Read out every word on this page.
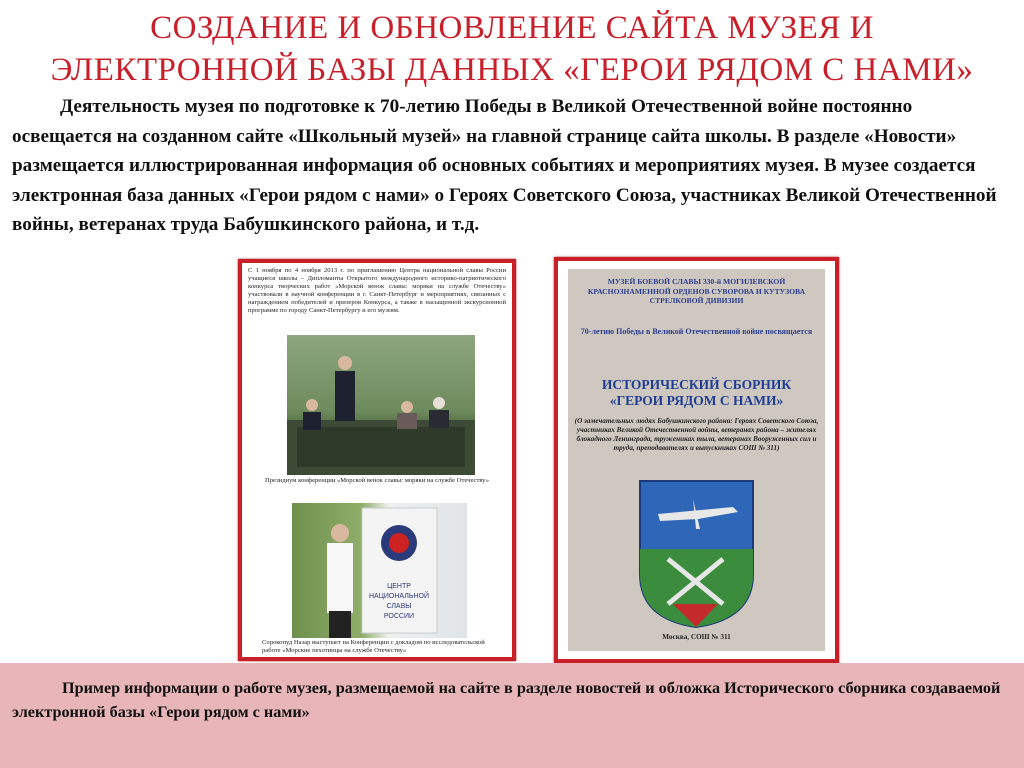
СОЗДАНИЕ И ОБНОВЛЕНИЕ САЙТА МУЗЕЯ И
ЭЛЕКТРОННОЙ БАЗЫ ДАННЫХ «ГЕРОИ РЯДОМ С НАМИ»

Деятельность музея по подготовке к 70-летию Победы в Великой Отечественной войне постоянно освещается на созданном сайте «Школьный музей» на главной странице сайта школы. В разделе «Новости» размещается иллюстрированная информация об основных событиях и мероприятиях музея. В музее создается электронная база данных «Герои рядом с нами» о Героях Советского Союза, участниках Великой Отечественной войны, ветеранах труда Бабушкинского района, и т.д.

С 1 ноября по 4 ноября 2013 г. по приглашению Центра национальной славы России учащиеся школы – Дипломанты Открытого международного историко-патриотического конкурса творческих работ «Морской венок славы: моряки на службе Отечеству» участвовали в научной конференции в г. Санкт-Петербург и мероприятиях, связанных с награждением победителей и призеров Конкурса, а также в насыщенной экскурсионной программе по городу Санкт-Петербургу и его музеям.

Президиум конференции «Морской венок славы: моряки на службе Отечеству»
ЦЕНТР
НАЦИОНАЛЬНОЙ
СЛАВЫ
РОССИИ
Сорокопуд Назар выступает на Конференции с докладом по исследовательской работе «Морские пехотинцы на службе Отечеству»
МУЗЕЙ БОЕВОЙ СЛАВЫ 330-й МОГИЛЕВСКОЙ КРАСНОЗНАМЕННОЙ ОРДЕНОВ СУВОРОВА И КУТУЗОВА СТРЕЛКОВОЙ ДИВИЗИИ
70-летию Победы в Великой Отечественной войне посвящается
ИСТОРИЧЕСКИЙ СБОРНИК
«ГЕРОИ РЯДОМ С НАМИ»
(О замечательных людях Бабушкинского района: Героях Советского Союза, участниках Великой Отечественной войны, ветеранах района – жителях блокадного Ленинграда, тружениках тыла, ветеранах Вооруженных сил и труда, преподавателях и выпускниках СОШ № 311)
Москва, СОШ № 311

Пример информации о работе музея, размещаемой на сайте в разделе новостей и обложка Исторического сборника создаваемой электронной базы «Герои рядом с нами»
